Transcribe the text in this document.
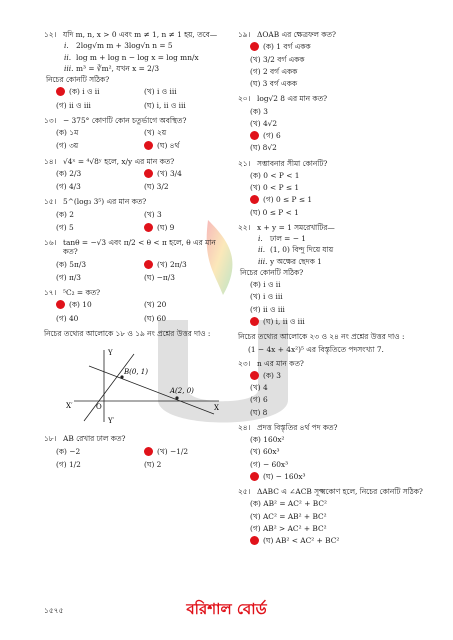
১২। যদি m, n, x > 0 এবং m ≠ 1, n ≠ 1 হয়, তবে—
i. 2log√m m + 3log√n n = 5
ii. log m + log n − log x = log mn/x
iii. m³ = ∛m², যখন x = 2/3
নিচের কোনটি সঠিক?
(ক) i ও ii	(খ) i ও iii
(গ) ii ও iii	(ঘ) i, ii ও iii
১৩। − 375° কোণটি কোন চতুর্ভাগে অবস্থিত?
(ক) ১ম	(খ) ২য়
(গ) ৩য়	(ঘ) ৪র্থ
১৪। √4ˣ = ⁴√8ʸ হলে, x/y এর মান কত?
(ক) 2/3	(খ) 3/4
(গ) 4/3	(ঘ) 3/2
১৫। 5^(log₃ 3⁵) এর মান কত?
(ক) 2	(খ) 3
(গ) 5	(ঘ) 9
১৬। tanθ = −√3 এবং π/2 < θ < π হলে, θ এর মান কত?
(ক) 5π/3	(খ) 2π/3
(গ) π/3	(ঘ) −π/3
১৭। ⁵C₂ = কত?
(ক) 10	(খ) 20
(গ) 40	(ঘ) 60
নিচের তথ্যের আলোকে ১৮ ও ১৯ নং প্রশ্নের উত্তর দাও :
Y
X′	X
Y′
O
B(0, 1)
A(2, 0)
১৮। AB রেখার ঢাল কত?
(ক) −2	(খ) −1/2
(গ) 1/2	(ঘ) 2
১৯। ΔOAB এর ক্ষেত্রফল কত?
(ক) 1 বর্গ একক
(খ) 3/2 বর্গ একক
(গ) 2 বর্গ একক
(ঘ) 3 বর্গ একক
২০। log√2 8 এর মান কত?
(ক) 3
(খ) 4√2
(গ) 6
(ঘ) 8√2
২১। সম্ভাবনার সীমা কোনটি?
(ক) 0 < P < 1
(খ) 0 < P ≤ 1
(গ) 0 ≤ P ≤ 1
(ঘ) 0 ≤ P < 1
২২। x + y = 1 সমরেখাটির—
i. ঢাল = − 1
ii. (1, 0) বিন্দু দিয়ে যায়
iii. y অক্ষের ছেদক 1
নিচের কোনটি সঠিক?
(ক) i ও ii
(খ) i ও iii
(গ) ii ও iii
(ঘ) i, ii ও iii
নিচের তথ্যের আলোকে ২৩ ও ২৪ নং প্রশ্নের উত্তর দাও :
(1 − 4x + 4x²)⁵ এর বিস্তৃতিতে পদসংখ্যা 7.
২৩। n এর মান কত?
(ক) 3
(খ) 4
(গ) 6
(ঘ) 8
২৪। প্রদত্ত বিস্তৃতির ৪র্থ পদ কত?
(ক) 160x²
(খ) 60x³
(গ) − 60x³
(ঘ) − 160x³
২৫। ΔABC এ ∠ACB সূক্ষ্মকোণ হলে, নিচের কোনটি সঠিক?
(ক) AB² = AC² + BC²
(খ) AC² = AB² + BC²
(গ) AB² > AC² + BC²
(ঘ) AB² < AC² + BC²
১৫৭৫	বরিশাল বোর্ড
